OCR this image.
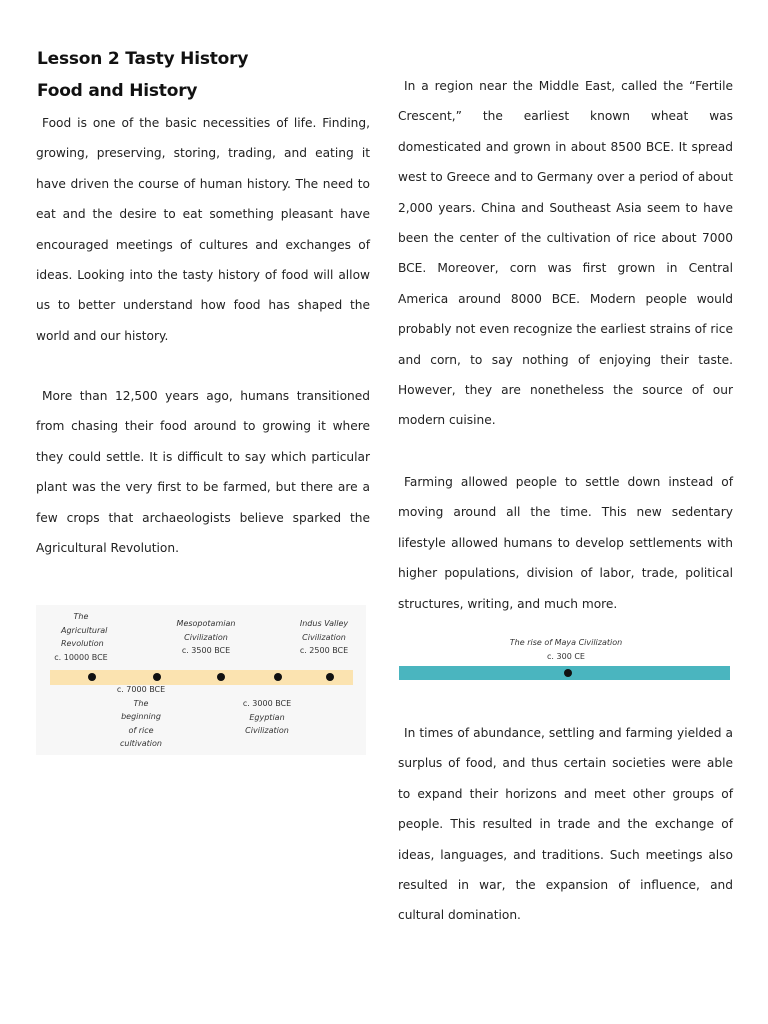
Lesson 2 Tasty History
Food and History

Food is one of the basic necessities of life. Finding, growing, preserving, storing, trading, and eating it have driven the course of human history. The need to eat and the desire to eat something pleasant have encouraged meetings of cultures and exchanges of ideas. Looking into the tasty history of food will allow us to better understand how food has shaped the world and our history.

More than 12,500 years ago, humans transitioned from chasing their food around to growing it where they could settle. It is difficult to say which particular plant was the very first to be farmed, but there are a few crops that archaeologists believe sparked the Agricultural Revolution.

The Agricultural Revolution
c. 10000 BCE
Mesopotamian Civilization
c. 3500 BCE
Indus Valley Civilization
c. 2500 BCE
c. 7000 BCE
The beginning of rice cultivation
c. 3000 BCE
Egyptian Civilization

In a region near the Middle East, called the “Fertile Crescent,” the earliest known wheat was domesticated and grown in about 8500 BCE. It spread west to Greece and to Germany over a period of about 2,000 years. China and Southeast Asia seem to have been the center of the cultivation of rice about 7000 BCE. Moreover, corn was first grown in Central America around 8000 BCE. Modern people would probably not even recognize the earliest strains of rice and corn, to say nothing of enjoying their taste. However, they are nonetheless the source of our modern cuisine.

Farming allowed people to settle down instead of moving around all the time. This new sedentary lifestyle allowed humans to develop settlements with higher populations, division of labor, trade, political structures, writing, and much more.

The rise of Maya Civilization
c. 300 CE

In times of abundance, settling and farming yielded a surplus of food, and thus certain societies were able to expand their horizons and meet other groups of people. This resulted in trade and the exchange of ideas, languages, and traditions. Such meetings also resulted in war, the expansion of influence, and cultural domination.
